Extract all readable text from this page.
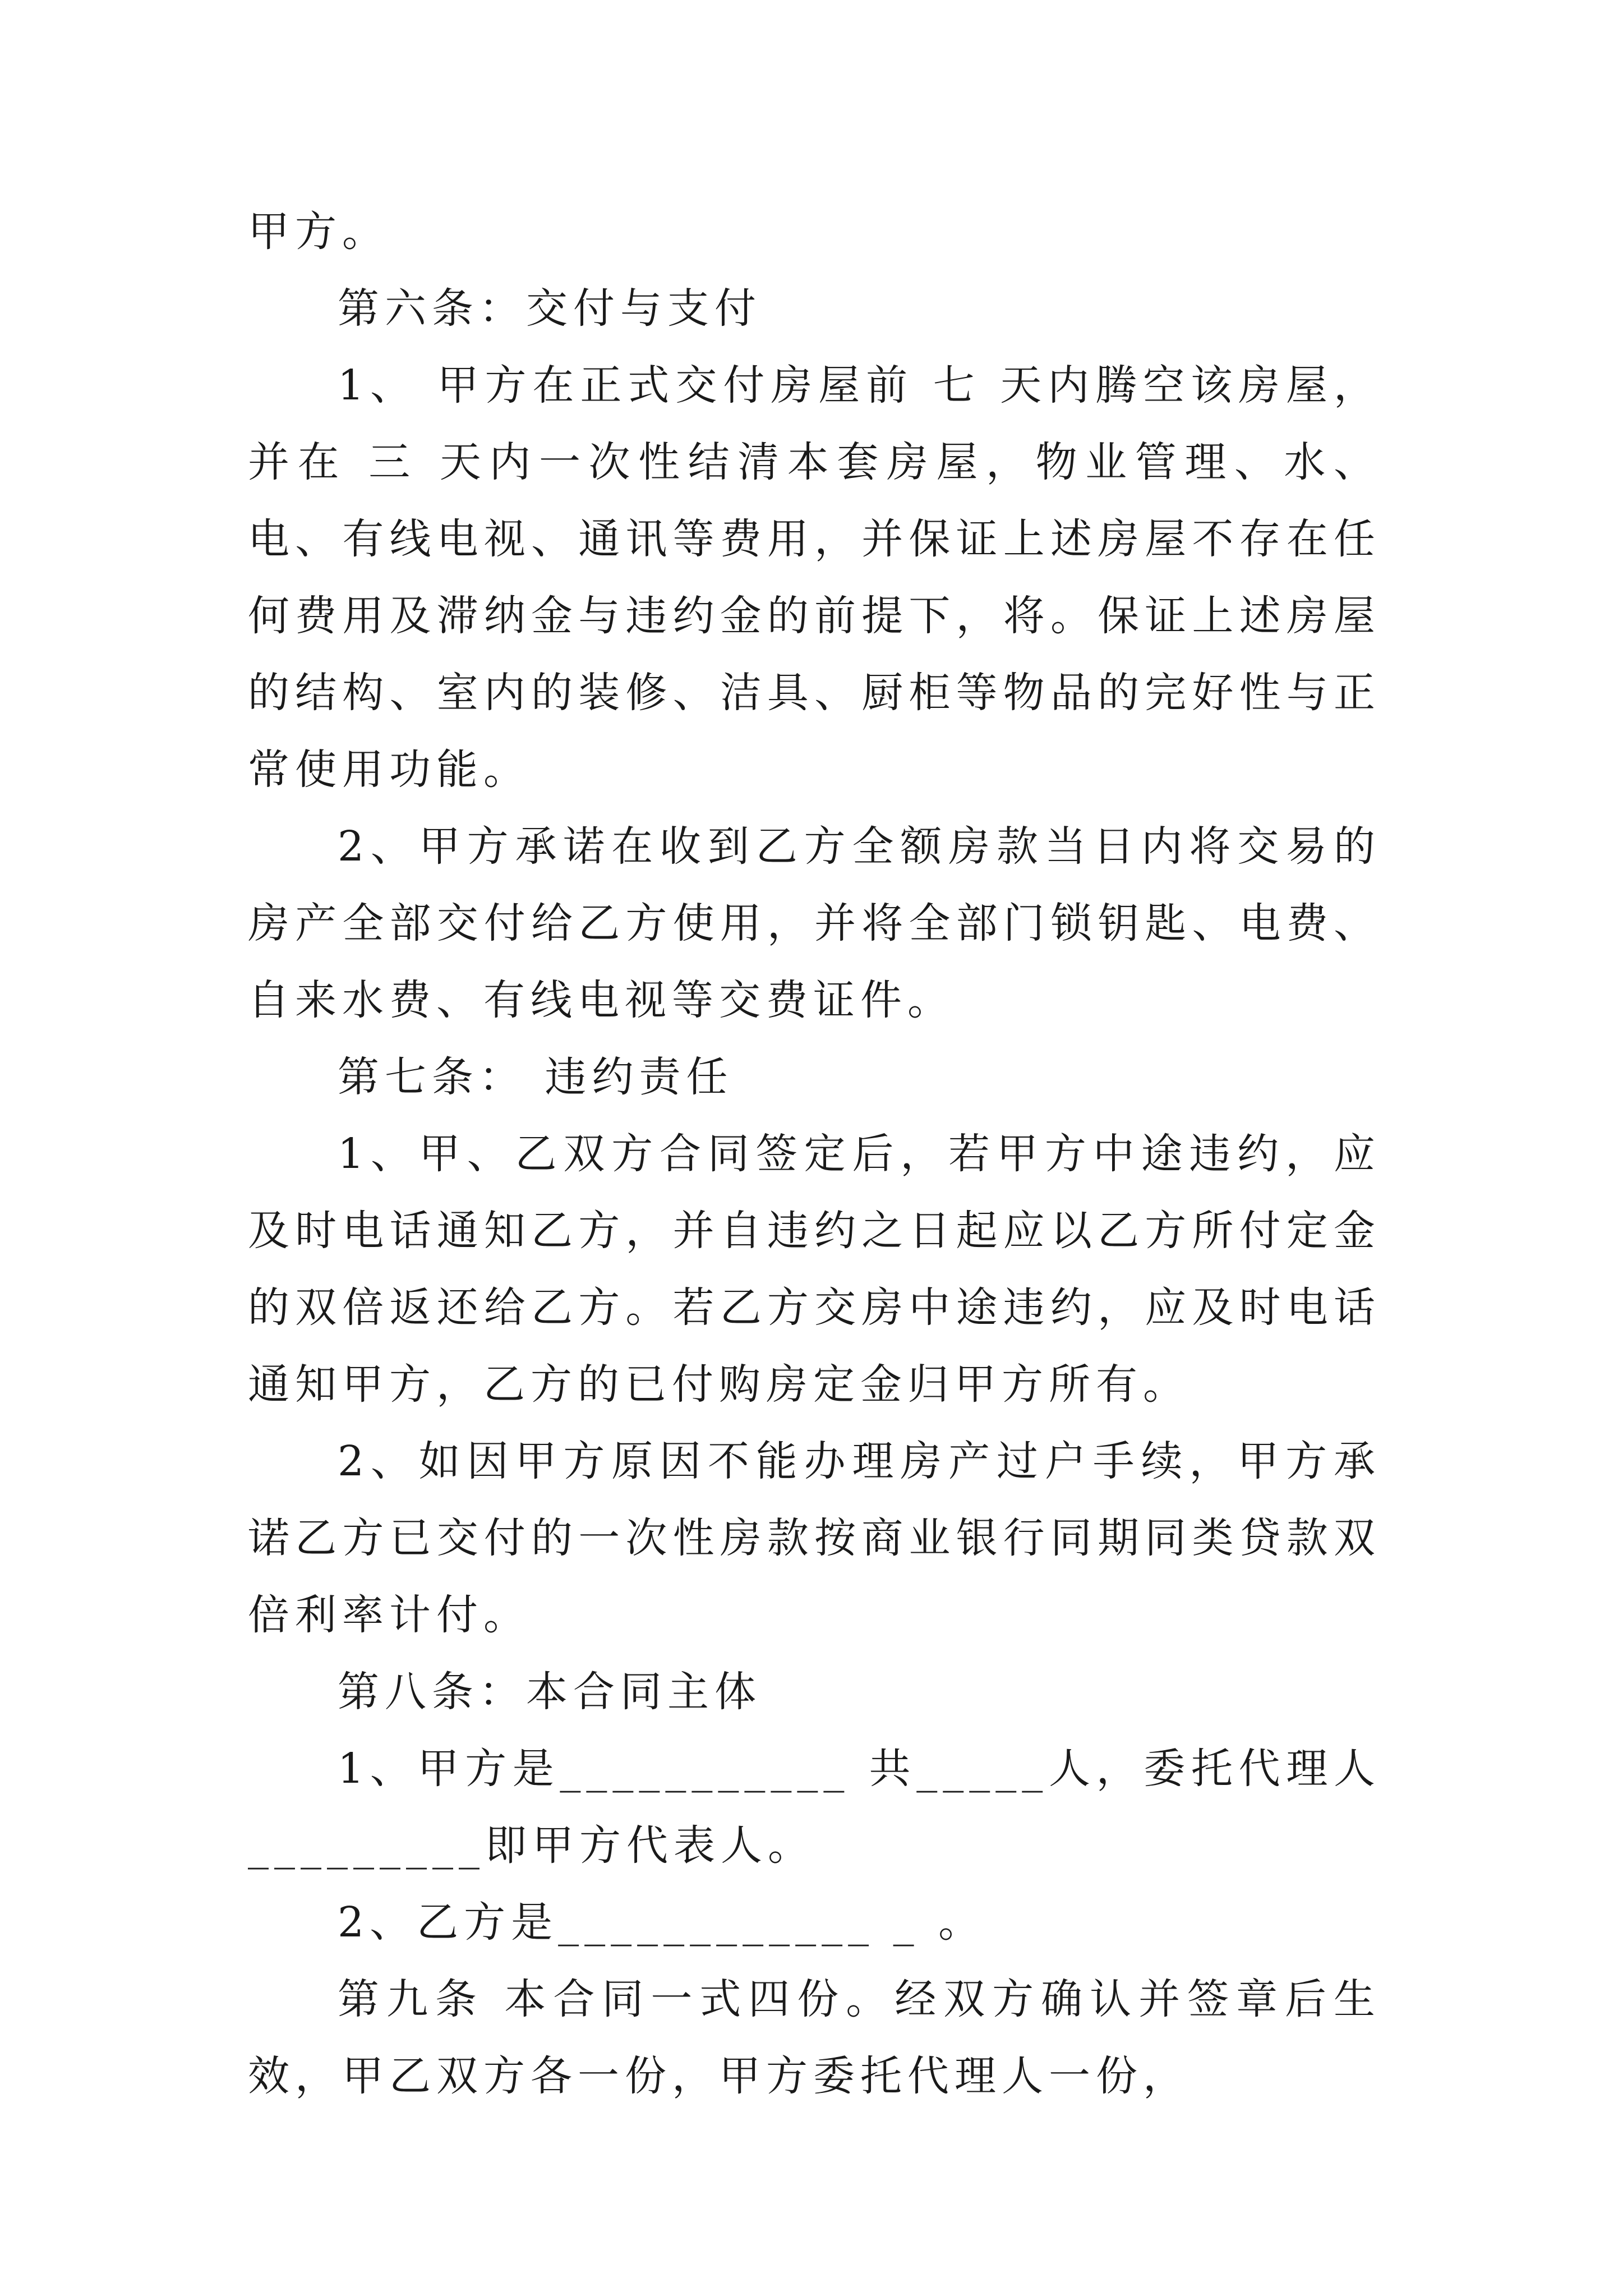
甲方。

第六条：交付与支付

1、 甲方在正式交付房屋前 七 天内腾空该房屋，并在 三 天内一次性结清本套房屋，物业管理、水、电、有线电视、通讯等费用，并保证上述房屋不存在任何费用及滞纳金与违约金的前提下，将。保证上述房屋的结构、室内的装修、洁具、厨柜等物品的完好性与正常使用功能。

2、甲方承诺在收到乙方全额房款当日内将交易的房产全部交付给乙方使用，并将全部门锁钥匙、电费、自来水费、有线电视等交费证件。

第七条： 违约责任

1、甲、乙双方合同签定后，若甲方中途违约，应及时电话通知乙方，并自违约之日起应以乙方所付定金的双倍返还给乙方。若乙方交房中途违约，应及时电话通知甲方，乙方的已付购房定金归甲方所有。

2、如因甲方原因不能办理房产过户手续，甲方承诺乙方已交付的一次性房款按商业银行同期同类贷款双倍利率计付。

第八条：本合同主体

1、甲方是___________ 共_____人，委托代理人_________即甲方代表人。

2、乙方是____________ _ 。

第九条 本合同一式四份。经双方确认并签章后生效，甲乙双方各一份，甲方委托代理人一份，
